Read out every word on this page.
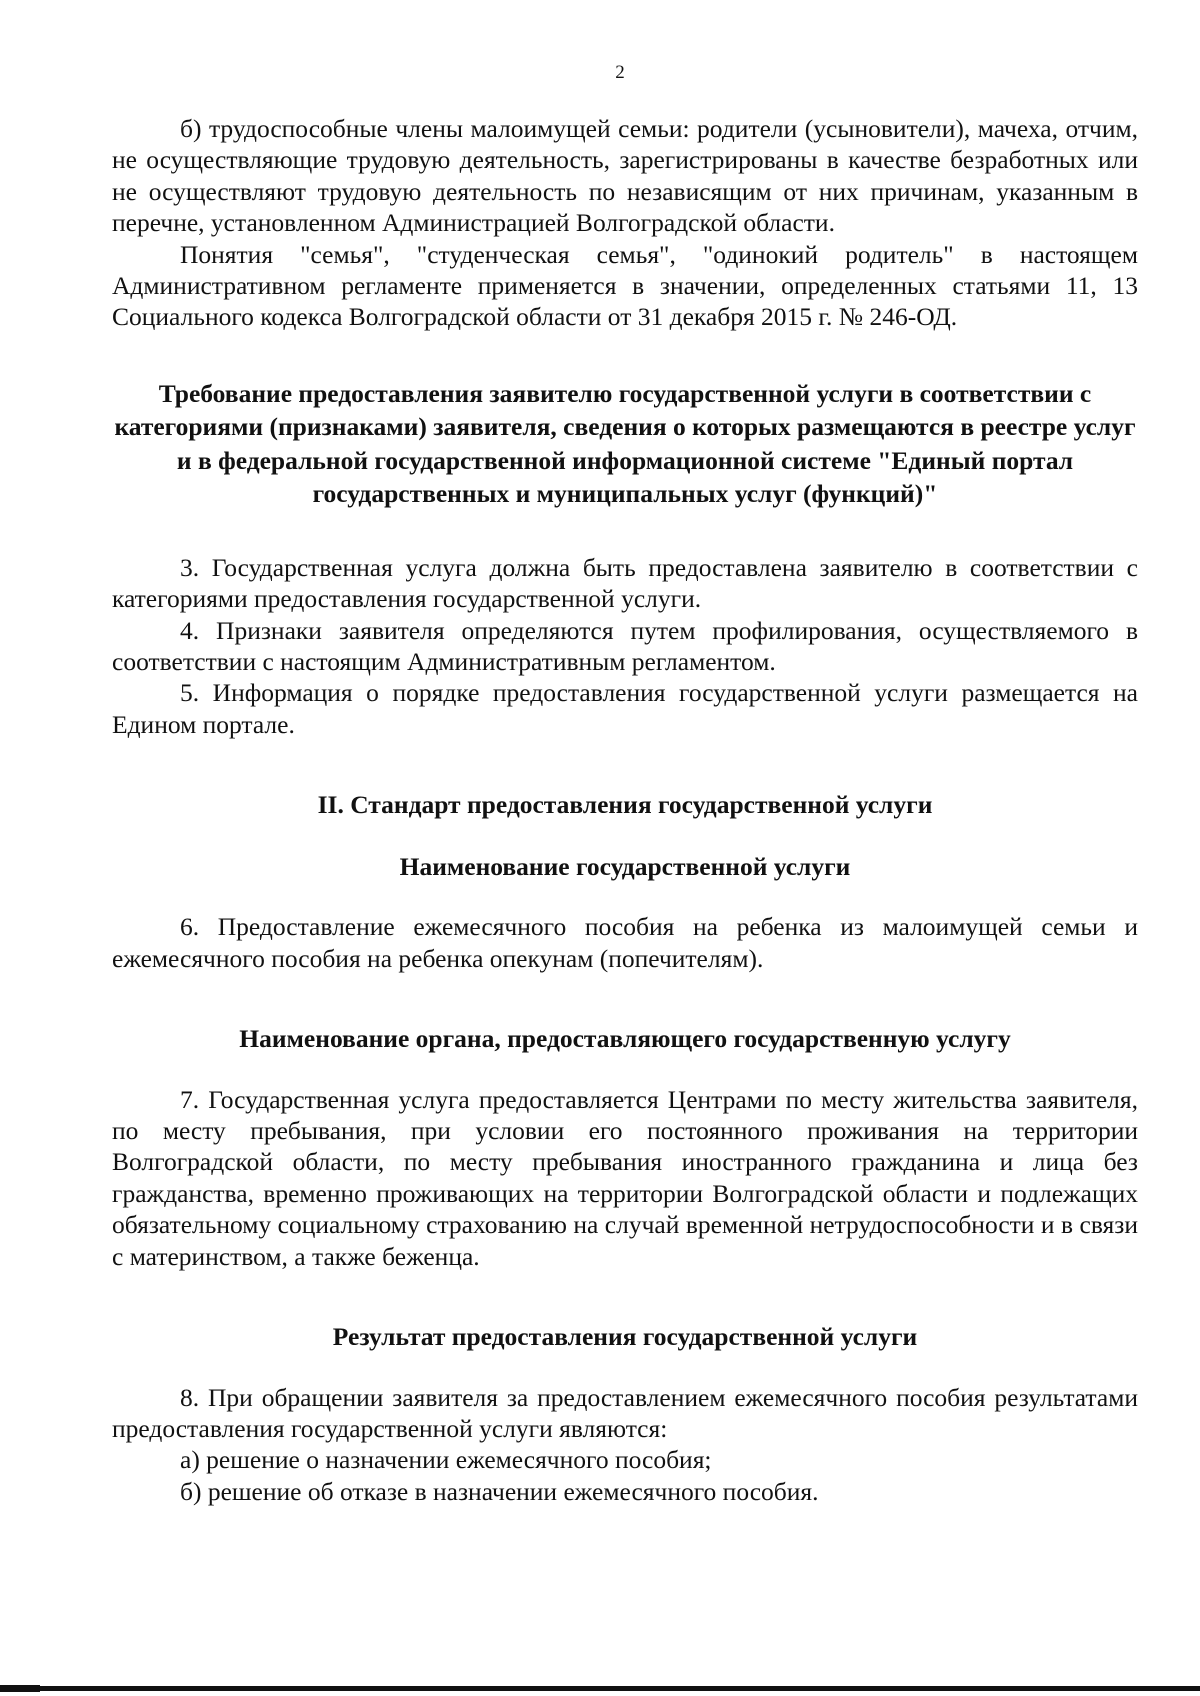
2

б) трудоспособные члены малоимущей семьи: родители (усыновители), мачеха, отчим, не осуществляющие трудовую деятельность, зарегистрированы в качестве безработных или не осуществляют трудовую деятельность по независящим от них причинам, указанным в перечне, установленном Администрацией Волгоградской области.

Понятия "семья", "студенческая семья", "одинокий родитель" в настоящем Административном регламенте применяется в значении, определенных статьями 11, 13 Социального кодекса Волгоградской области от 31 декабря 2015 г. № 246-ОД.

Требование предоставления заявителю государственной услуги в соответствии с категориями (признаками) заявителя, сведения о которых размещаются в реестре услуг и в федеральной государственной информационной системе "Единый портал государственных и муниципальных услуг (функций)"

3. Государственная услуга должна быть предоставлена заявителю в соответствии с категориями предоставления государственной услуги.

4. Признаки заявителя определяются путем профилирования, осуществляемого в соответствии с настоящим Административным регламентом.

5. Информация о порядке предоставления государственной услуги размещается на Едином портале.

II. Стандарт предоставления государственной услуги

Наименование государственной услуги

6. Предоставление ежемесячного пособия на ребенка из малоимущей семьи и ежемесячного пособия на ребенка опекунам (попечителям).

Наименование органа, предоставляющего государственную услугу

7. Государственная услуга предоставляется Центрами по месту жительства заявителя, по месту пребывания, при условии его постоянного проживания на территории Волгоградской области, по месту пребывания иностранного гражданина и лица без гражданства, временно проживающих на территории Волгоградской области и подлежащих обязательному социальному страхованию на случай временной нетрудоспособности и в связи с материнством, а также беженца.

Результат предоставления государственной услуги

8. При обращении заявителя за предоставлением ежемесячного пособия результатами предоставления государственной услуги являются:

а) решение о назначении ежемесячного пособия;

б) решение об отказе в назначении ежемесячного пособия.
